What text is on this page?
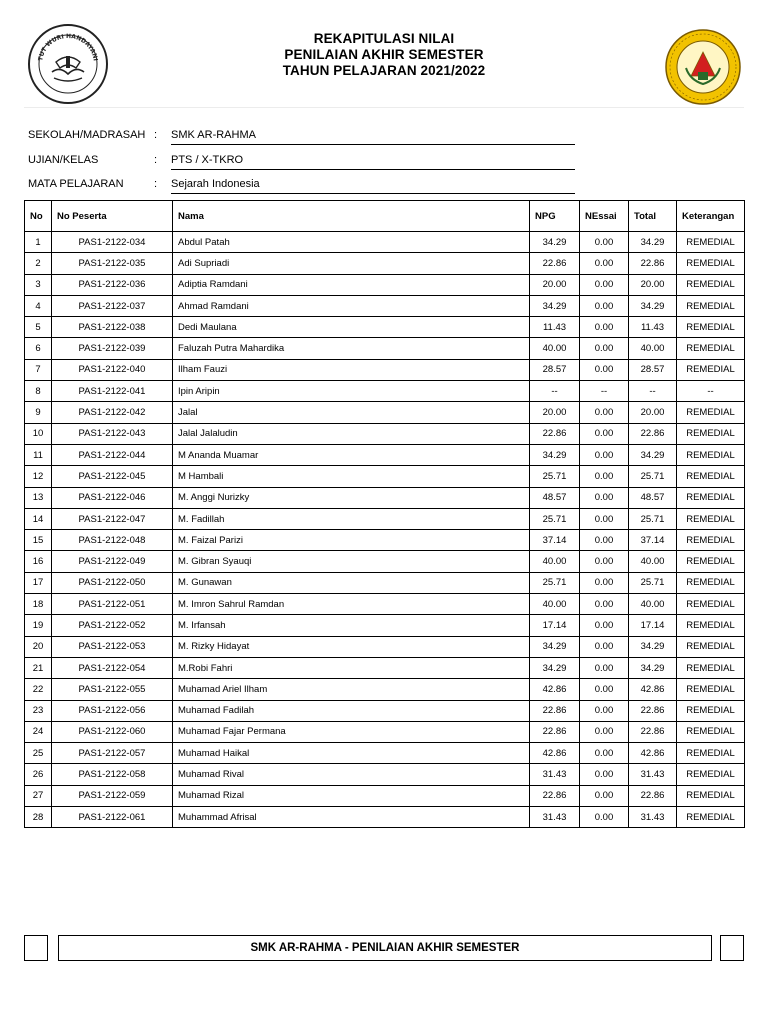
TUT WURI HANDAYANI
REKAPITULASI NILAI
PENILAIAN AKHIR SEMESTER
TAHUN PELAJARAN 2021/2022
SEKOLAH/MADRASAH : SMK AR-RAHMA
UJIAN/KELAS	: PTS / X-TKRO
MATA PELAJARAN	: Sejarah Indonesia
No	No Peserta	Nama	NPG	NEssai	Total	Keterangan
1	PAS1-2122-034	Abdul Patah	34.29	0.00	34.29	REMEDIAL
2	PAS1-2122-035	Adi Supriadi	22.86	0.00	22.86	REMEDIAL
3	PAS1-2122-036	Adiptia Ramdani	20.00	0.00	20.00	REMEDIAL
4	PAS1-2122-037	Ahmad Ramdani	34.29	0.00	34.29	REMEDIAL
5	PAS1-2122-038	Dedi Maulana	11.43	0.00	11.43	REMEDIAL
6	PAS1-2122-039	Faluzah Putra Mahardika	40.00	0.00	40.00	REMEDIAL
7	PAS1-2122-040	Ilham Fauzi	28.57	0.00	28.57	REMEDIAL
8	PAS1-2122-041	Ipin Aripin	--	--	--	--
9	PAS1-2122-042	Jalal	20.00	0.00	20.00	REMEDIAL
10	PAS1-2122-043	Jalal Jalaludin	22.86	0.00	22.86	REMEDIAL
11	PAS1-2122-044	M Ananda Muamar	34.29	0.00	34.29	REMEDIAL
12	PAS1-2122-045	M Hambali	25.71	0.00	25.71	REMEDIAL
13	PAS1-2122-046	M. Anggi Nurizky	48.57	0.00	48.57	REMEDIAL
14	PAS1-2122-047	M. Fadillah	25.71	0.00	25.71	REMEDIAL
15	PAS1-2122-048	M. Faizal Parizi	37.14	0.00	37.14	REMEDIAL
16	PAS1-2122-049	M. Gibran Syauqi	40.00	0.00	40.00	REMEDIAL
17	PAS1-2122-050	M. Gunawan	25.71	0.00	25.71	REMEDIAL
18	PAS1-2122-051	M. Imron Sahrul Ramdan	40.00	0.00	40.00	REMEDIAL
19	PAS1-2122-052	M. Irfansah	17.14	0.00	17.14	REMEDIAL
20	PAS1-2122-053	M. Rizky Hidayat	34.29	0.00	34.29	REMEDIAL
21	PAS1-2122-054	M.Robi Fahri	34.29	0.00	34.29	REMEDIAL
22	PAS1-2122-055	Muhamad Ariel Ilham	42.86	0.00	42.86	REMEDIAL
23	PAS1-2122-056	Muhamad Fadilah	22.86	0.00	22.86	REMEDIAL
24	PAS1-2122-060	Muhamad Fajar Permana	22.86	0.00	22.86	REMEDIAL
25	PAS1-2122-057	Muhamad Haikal	42.86	0.00	42.86	REMEDIAL
26	PAS1-2122-058	Muhamad Rival	31.43	0.00	31.43	REMEDIAL
27	PAS1-2122-059	Muhamad Rizal	22.86	0.00	22.86	REMEDIAL
28	PAS1-2122-061	Muhammad Afrisal	31.43	0.00	31.43	REMEDIAL
SMK AR-RAHMA - PENILAIAN AKHIR SEMESTER
